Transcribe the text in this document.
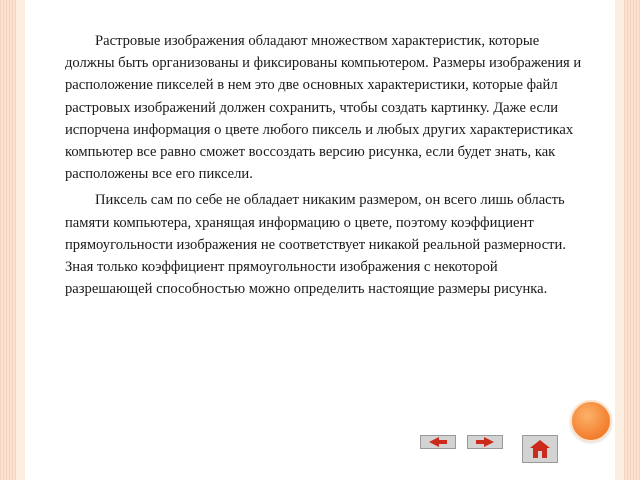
Растровые изображения обладают множеством характеристик, которые должны быть организованы и фиксированы компьютером. Размеры изображения и расположение пикселей в нем это две основных характеристики, которые файл растровых изображений должен сохранить, чтобы создать картинку. Даже если испорчена информация о цвете любого пиксель и любых других характеристиках компьютер все равно сможет воссоздать версию рисунка, если будет знать, как расположены все его пиксели.

Пиксель сам по себе не обладает никаким размером, он всего лишь область памяти компьютера, хранящая информацию о цвете, поэтому коэффициент прямоугольности изображения не соответствует никакой реальной размерности. Зная только коэффициент прямоугольности изображения с некоторой разрешающей способностью можно определить настоящие размеры рисунка.
